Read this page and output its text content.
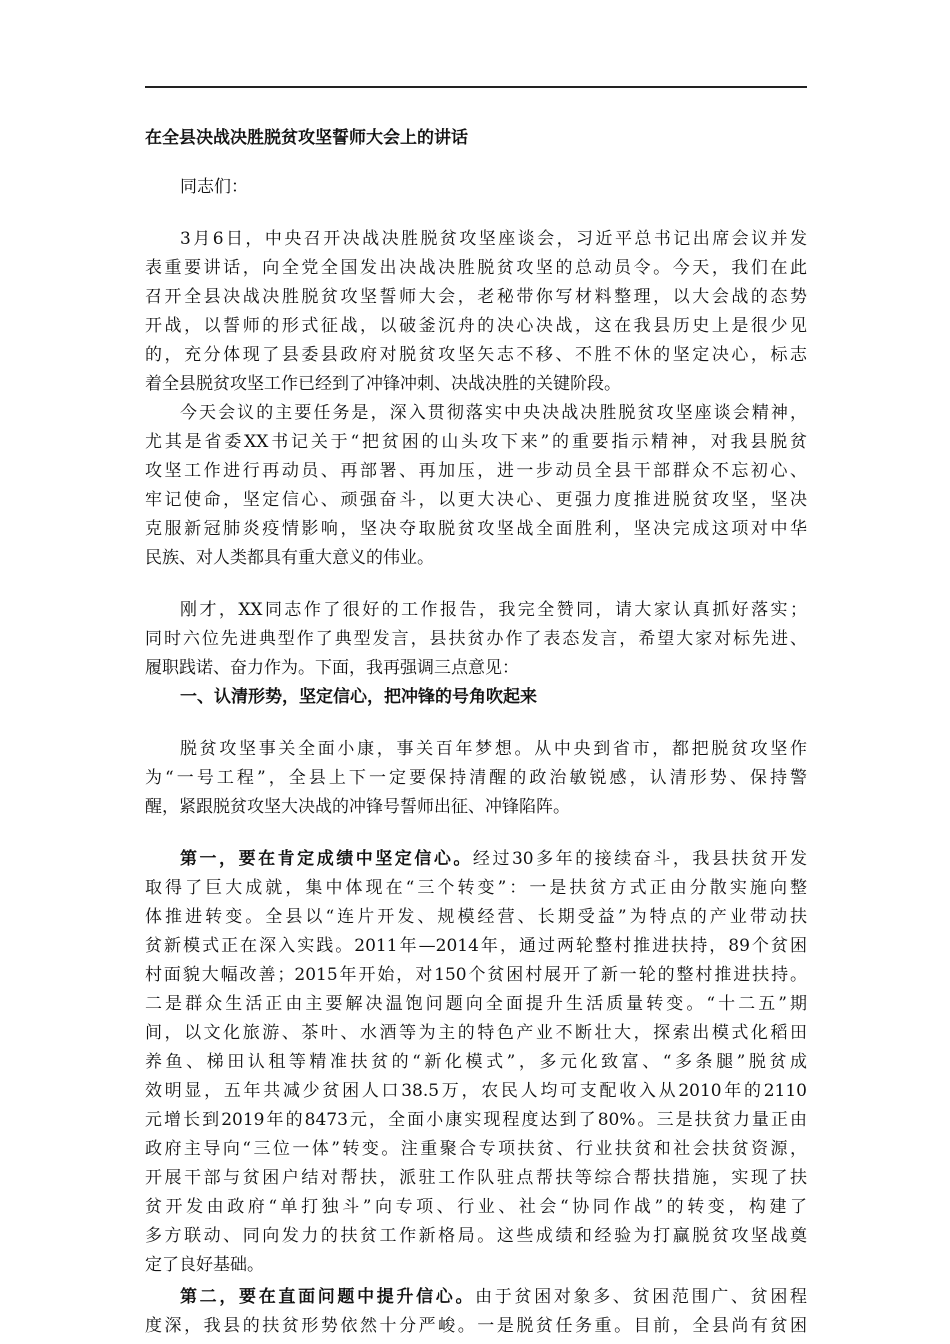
在全县决战决胜脱贫攻坚誓师大会上的讲话
同志们：
3月6日，中央召开决战决胜脱贫攻坚座谈会，习近平总书记出席会议并发
表重要讲话，向全党全国发出决战决胜脱贫攻坚的总动员令。今天，我们在此
召开全县决战决胜脱贫攻坚誓师大会，老秘带你写材料整理，以大会战的态势
开战，以誓师的形式征战，以破釜沉舟的决心决战，这在我县历史上是很少见
的，充分体现了县委县政府对脱贫攻坚矢志不移、不胜不休的坚定决心，标志
着全县脱贫攻坚工作已经到了冲锋冲刺、决战决胜的关键阶段。
今天会议的主要任务是，深入贯彻落实中央决战决胜脱贫攻坚座谈会精神，
尤其是省委XX书记关于“把贫困的山头攻下来”的重要指示精神，对我县脱贫
攻坚工作进行再动员、再部署、再加压，进一步动员全县干部群众不忘初心、
牢记使命，坚定信心、顽强奋斗，以更大决心、更强力度推进脱贫攻坚，坚决
克服新冠肺炎疫情影响，坚决夺取脱贫攻坚战全面胜利，坚决完成这项对中华
民族、对人类都具有重大意义的伟业。
刚才，XX同志作了很好的工作报告，我完全赞同，请大家认真抓好落实；
同时六位先进典型作了典型发言，县扶贫办作了表态发言，希望大家对标先进、
履职践诺、奋力作为。下面，我再强调三点意见：
一、认清形势，坚定信心，把冲锋的号角吹起来
脱贫攻坚事关全面小康，事关百年梦想。从中央到省市，都把脱贫攻坚作
为“一号工程”，全县上下一定要保持清醒的政治敏锐感，认清形势、保持警
醒，紧跟脱贫攻坚大决战的冲锋号誓师出征、冲锋陷阵。
第一，要在肯定成绩中坚定信心。经过30多年的接续奋斗，我县扶贫开发
取得了巨大成就，集中体现在“三个转变”：一是扶贫方式正由分散实施向整
体推进转变。全县以“连片开发、规模经营、长期受益”为特点的产业带动扶
贫新模式正在深入实践。2011年—2014年，通过两轮整村推进扶持，89个贫困
村面貌大幅改善；2015年开始，对150个贫困村展开了新一轮的整村推进扶持。
二是群众生活正由主要解决温饱问题向全面提升生活质量转变。“十二五”期
间，以文化旅游、茶叶、水酒等为主的特色产业不断壮大，探索出模式化稻田
养鱼、梯田认租等精准扶贫的“新化模式”，多元化致富、“多条腿”脱贫成
效明显，五年共减少贫困人口38.5万，农民人均可支配收入从2010年的2110
元增长到2019年的8473元，全面小康实现程度达到了80%。三是扶贫力量正由
政府主导向“三位一体”转变。注重聚合专项扶贫、行业扶贫和社会扶贫资源，
开展干部与贫困户结对帮扶，派驻工作队驻点帮扶等综合帮扶措施，实现了扶
贫开发由政府“单打独斗”向专项、行业、社会“协同作战”的转变，构建了
多方联动、同向发力的扶贫工作新格局。这些成绩和经验为打赢脱贫攻坚战奠
定了良好基础。
第二，要在直面问题中提升信心。由于贫困对象多、贫困范围广、贫困程
度深，我县的扶贫形势依然十分严峻。一是脱贫任务重。目前，全县尚有贫困
